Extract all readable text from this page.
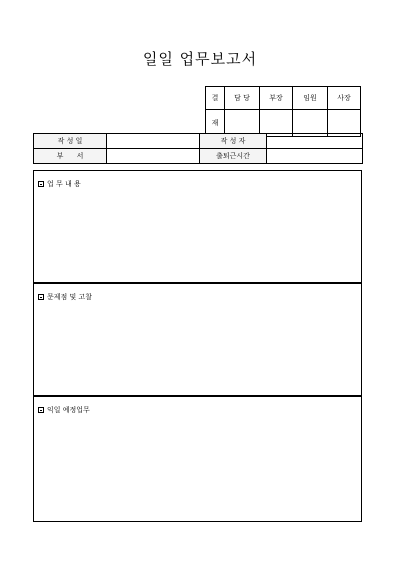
일일 업무보고서
결	담 당	부장	임원	사장
재				
작 성 일		작 성 자	
부      서		출퇴근시간	
업 무 내 용
문제점 및 고찰
익일 예정업무
